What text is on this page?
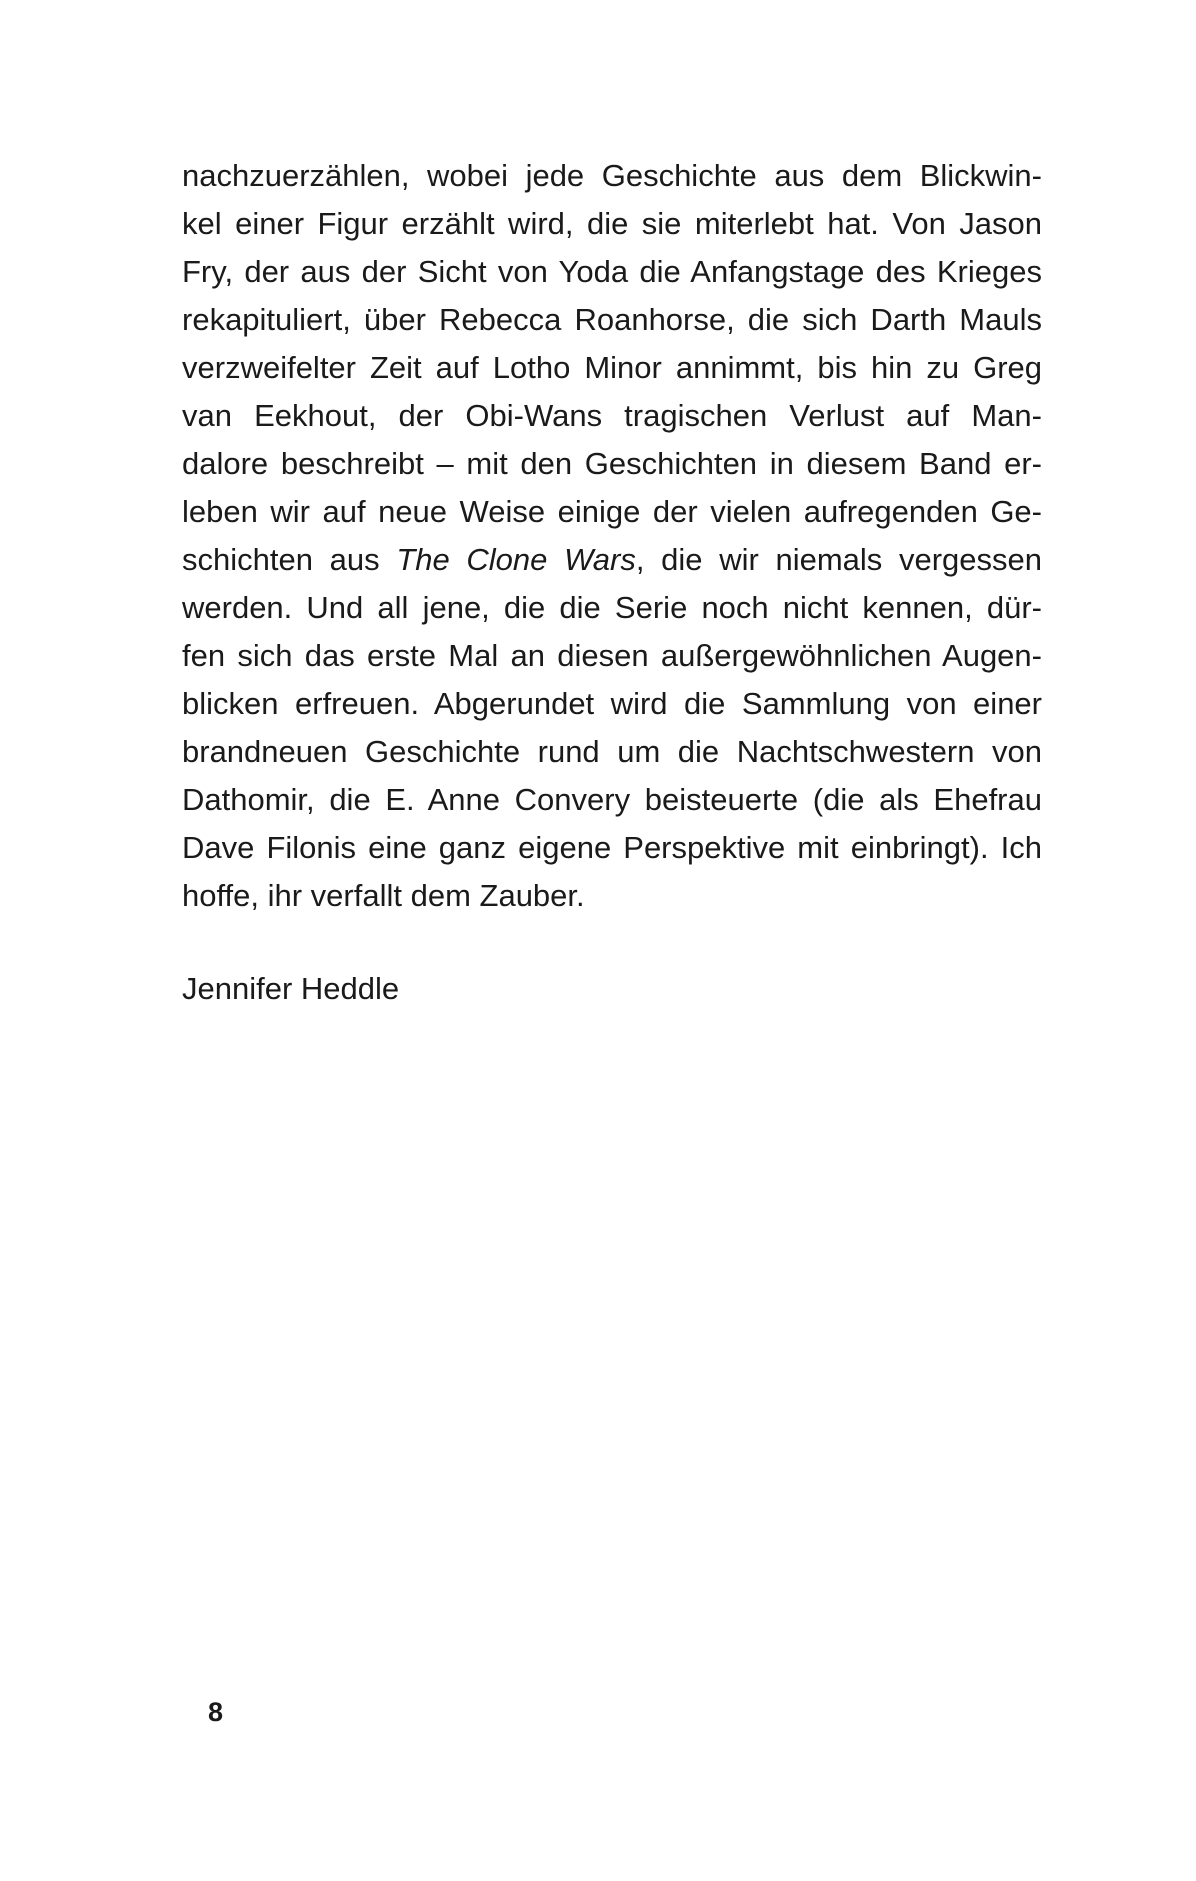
nachzuerzählen, wobei jede Geschichte aus dem Blickwin-
kel einer Figur erzählt wird, die sie miterlebt hat. Von Jason
Fry, der aus der Sicht von Yoda die Anfangstage des Krieges
rekapituliert, über Rebecca Roanhorse, die sich Darth Mauls
verzweifelter Zeit auf Lotho Minor annimmt, bis hin zu Greg
van Eekhout, der Obi-Wans tragischen Verlust auf Man-
dalore beschreibt – mit den Geschichten in diesem Band er-
leben wir auf neue Weise einige der vielen aufregenden Ge-
schichten aus The Clone Wars, die wir niemals vergessen
werden. Und all jene, die die Serie noch nicht kennen, dür-
fen sich das erste Mal an diesen außergewöhnlichen Augen-
blicken erfreuen. Abgerundet wird die Sammlung von einer
brandneuen Geschichte rund um die Nachtschwestern von
Dathomir, die E. Anne Convery beisteuerte (die als Ehefrau
Dave Filonis eine ganz eigene Perspektive mit einbringt). Ich
hoffe, ihr verfallt dem Zauber.
Jennifer Heddle
8
